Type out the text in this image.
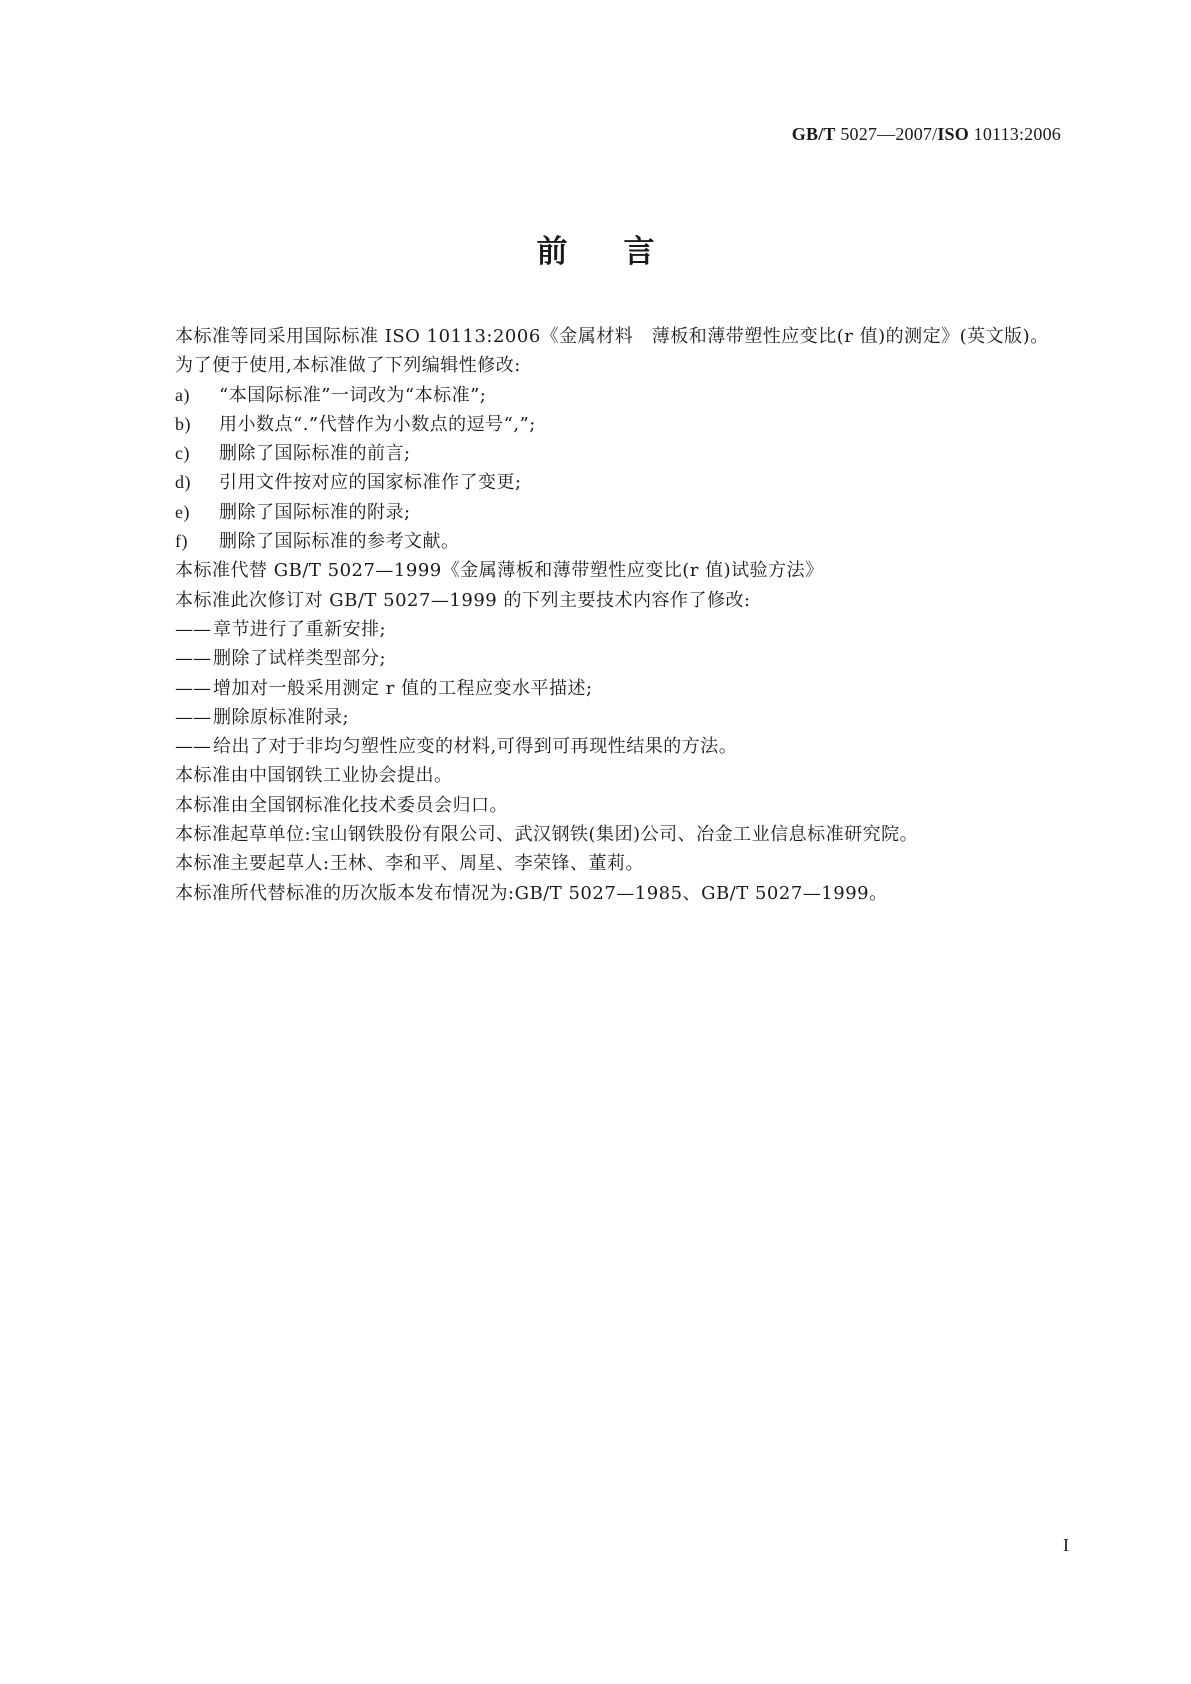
GB/T 5027—2007/ISO 10113:2006
前言

本标准等同采用国际标准 ISO 10113:2006《金属材料　薄板和薄带塑性应变比(r 值)的测定》(英文版)。

为了便于使用,本标准做了下列编辑性修改:

a) “本国际标准”一词改为“本标准”;

b) 用小数点“.”代替作为小数点的逗号“,”;

c) 删除了国际标准的前言;

d) 引用文件按对应的国家标准作了变更;

e) 删除了国际标准的附录;

f) 删除了国际标准的参考文献。

本标准代替 GB/T 5027—1999《金属薄板和薄带塑性应变比(r 值)试验方法》

本标准此次修订对 GB/T 5027—1999 的下列主要技术内容作了修改:

—— 章节进行了重新安排;

—— 删除了试样类型部分;

—— 增加对一般采用测定 r 值的工程应变水平描述;

—— 删除原标准附录;

—— 给出了对于非均匀塑性应变的材料,可得到可再现性结果的方法。

本标准由中国钢铁工业协会提出。

本标准由全国钢标准化技术委员会归口。

本标准起草单位:宝山钢铁股份有限公司、武汉钢铁(集团)公司、冶金工业信息标准研究院。

本标准主要起草人:王林、李和平、周星、李荣锋、董莉。

本标准所代替标准的历次版本发布情况为:GB/T 5027—1985、GB/T 5027—1999。

I
